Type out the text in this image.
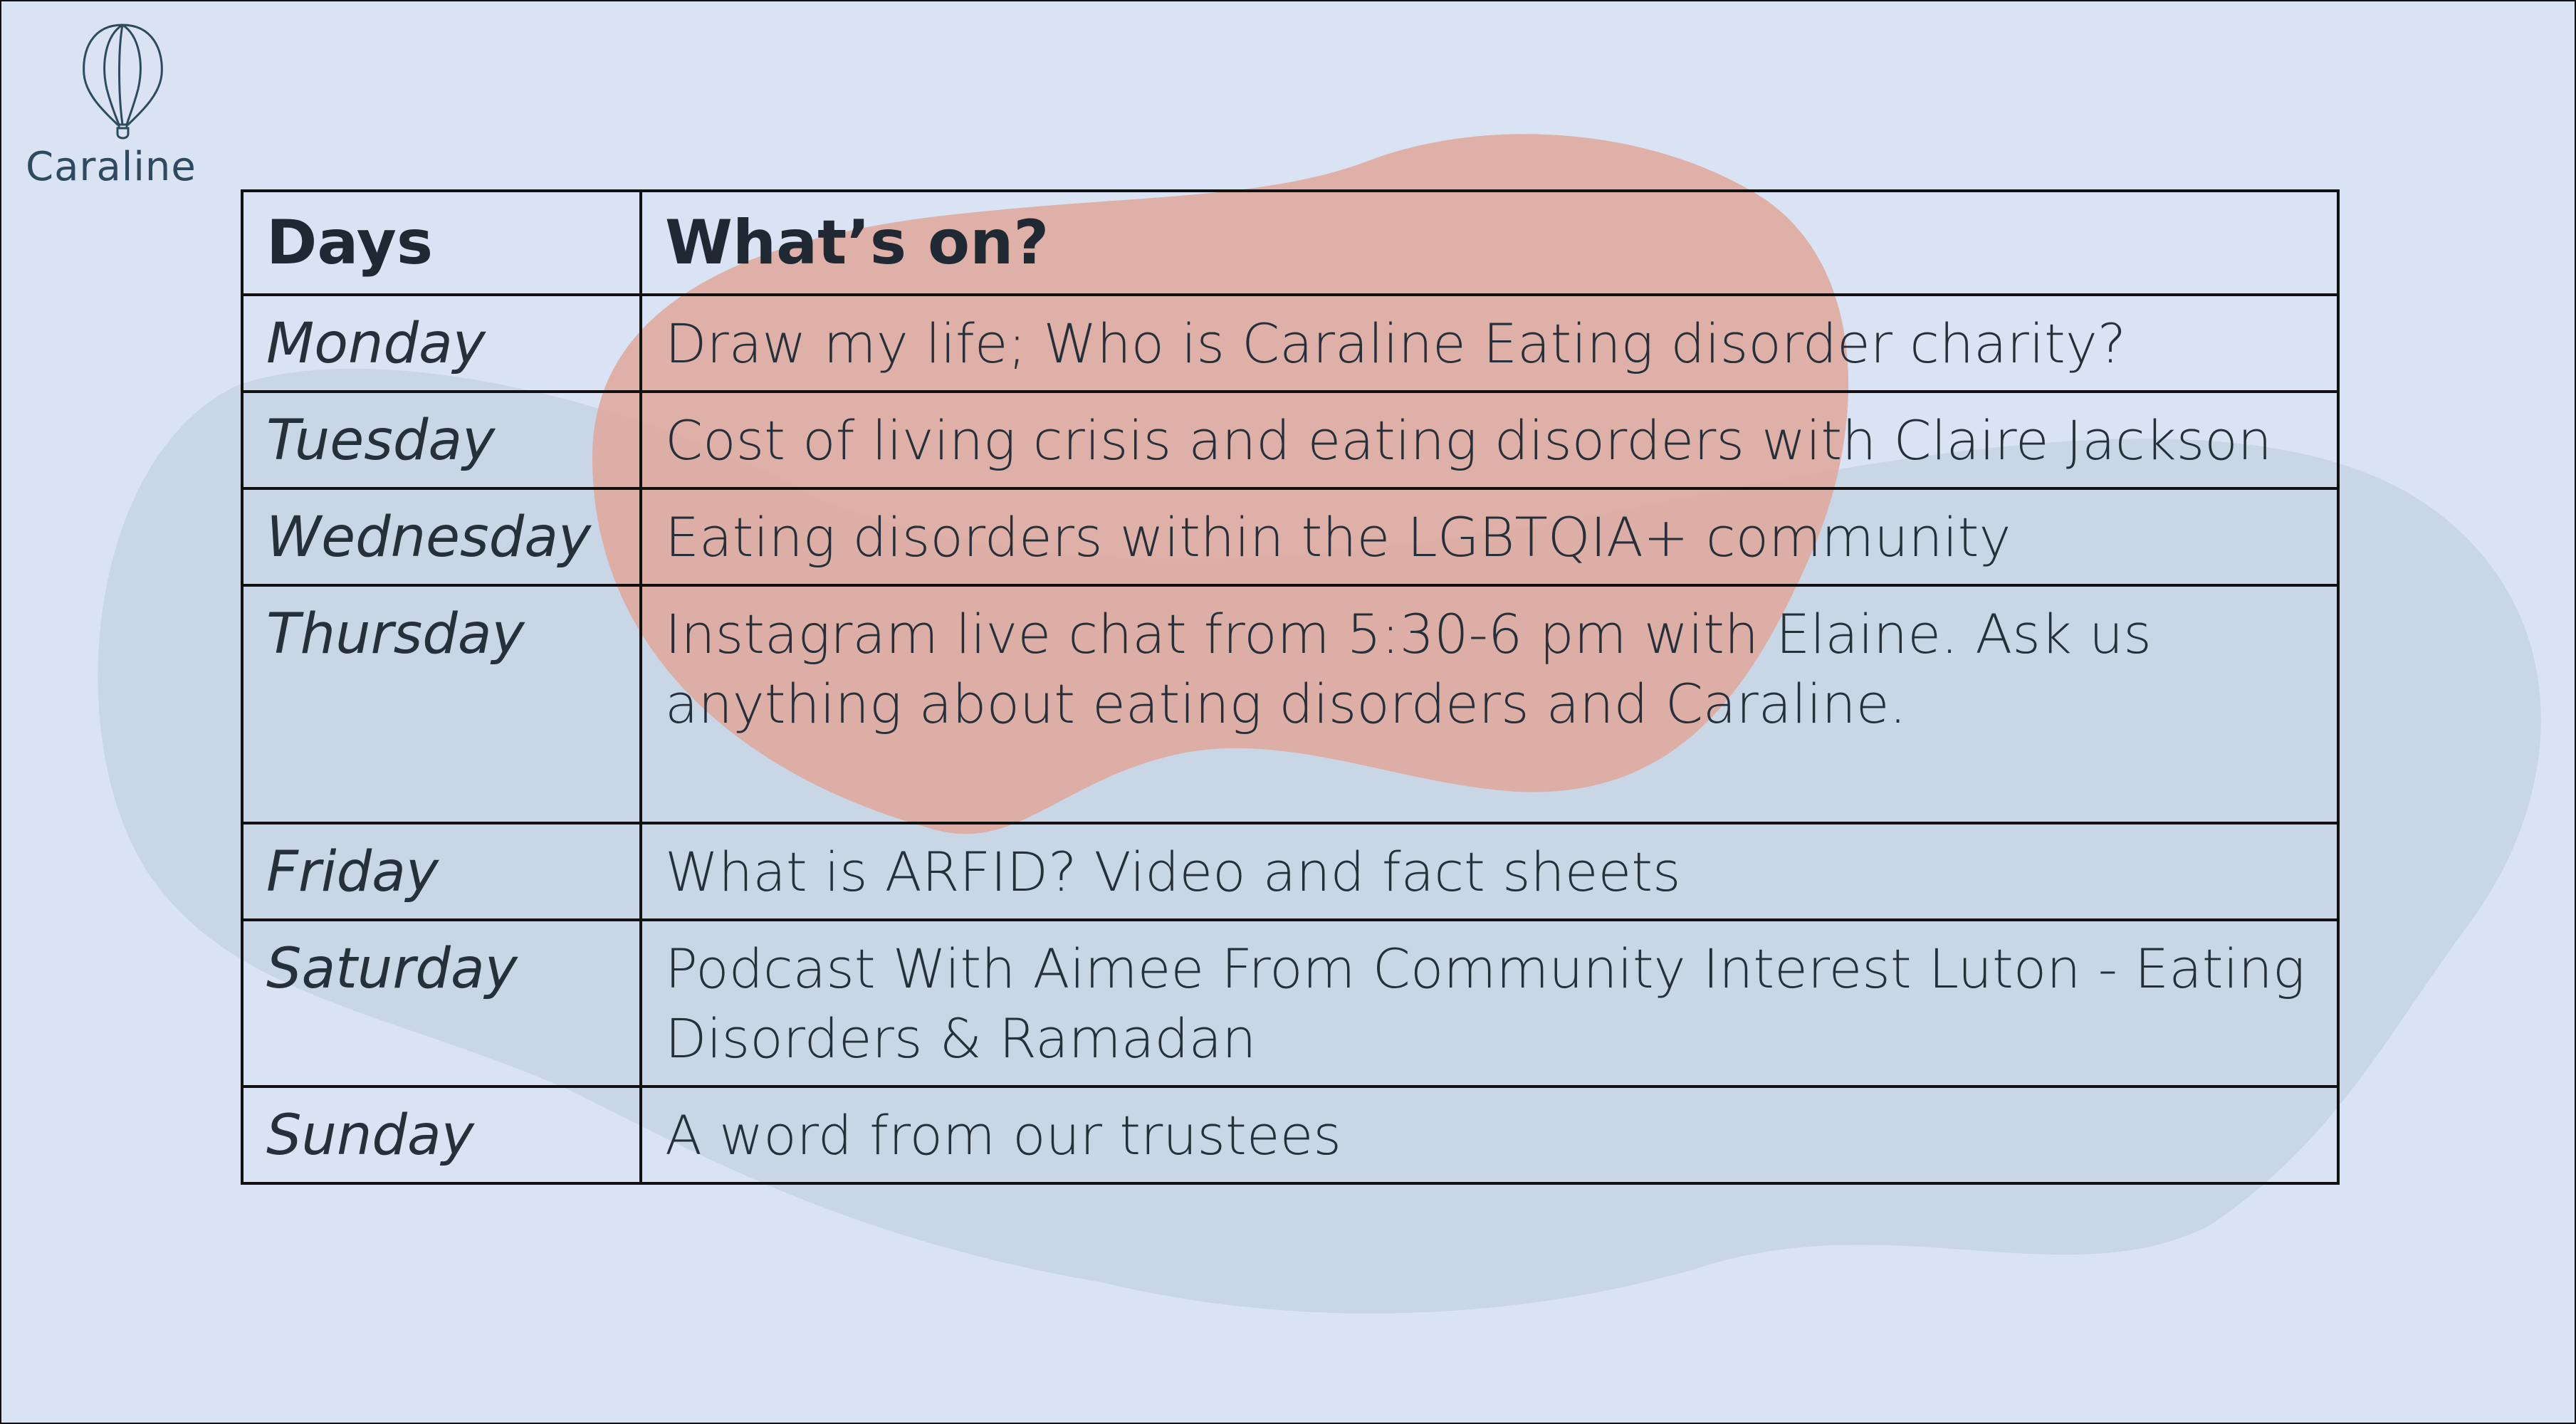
Caraline
Days	What’s on?
Monday	Draw my life; Who is Caraline Eating disorder charity?
Tuesday	Cost of living crisis and eating disorders with Claire Jackson
Wednesday	Eating disorders within the LGBTQIA+ community
Thursday	Instagram live chat from 5:30-6 pm with Elaine. Ask us anything about eating disorders and Caraline.
Friday	What is ARFID? Video and fact sheets
Saturday	Podcast With Aimee From Community Interest Luton - Eating Disorders & Ramadan
Sunday	A word from our trustees
